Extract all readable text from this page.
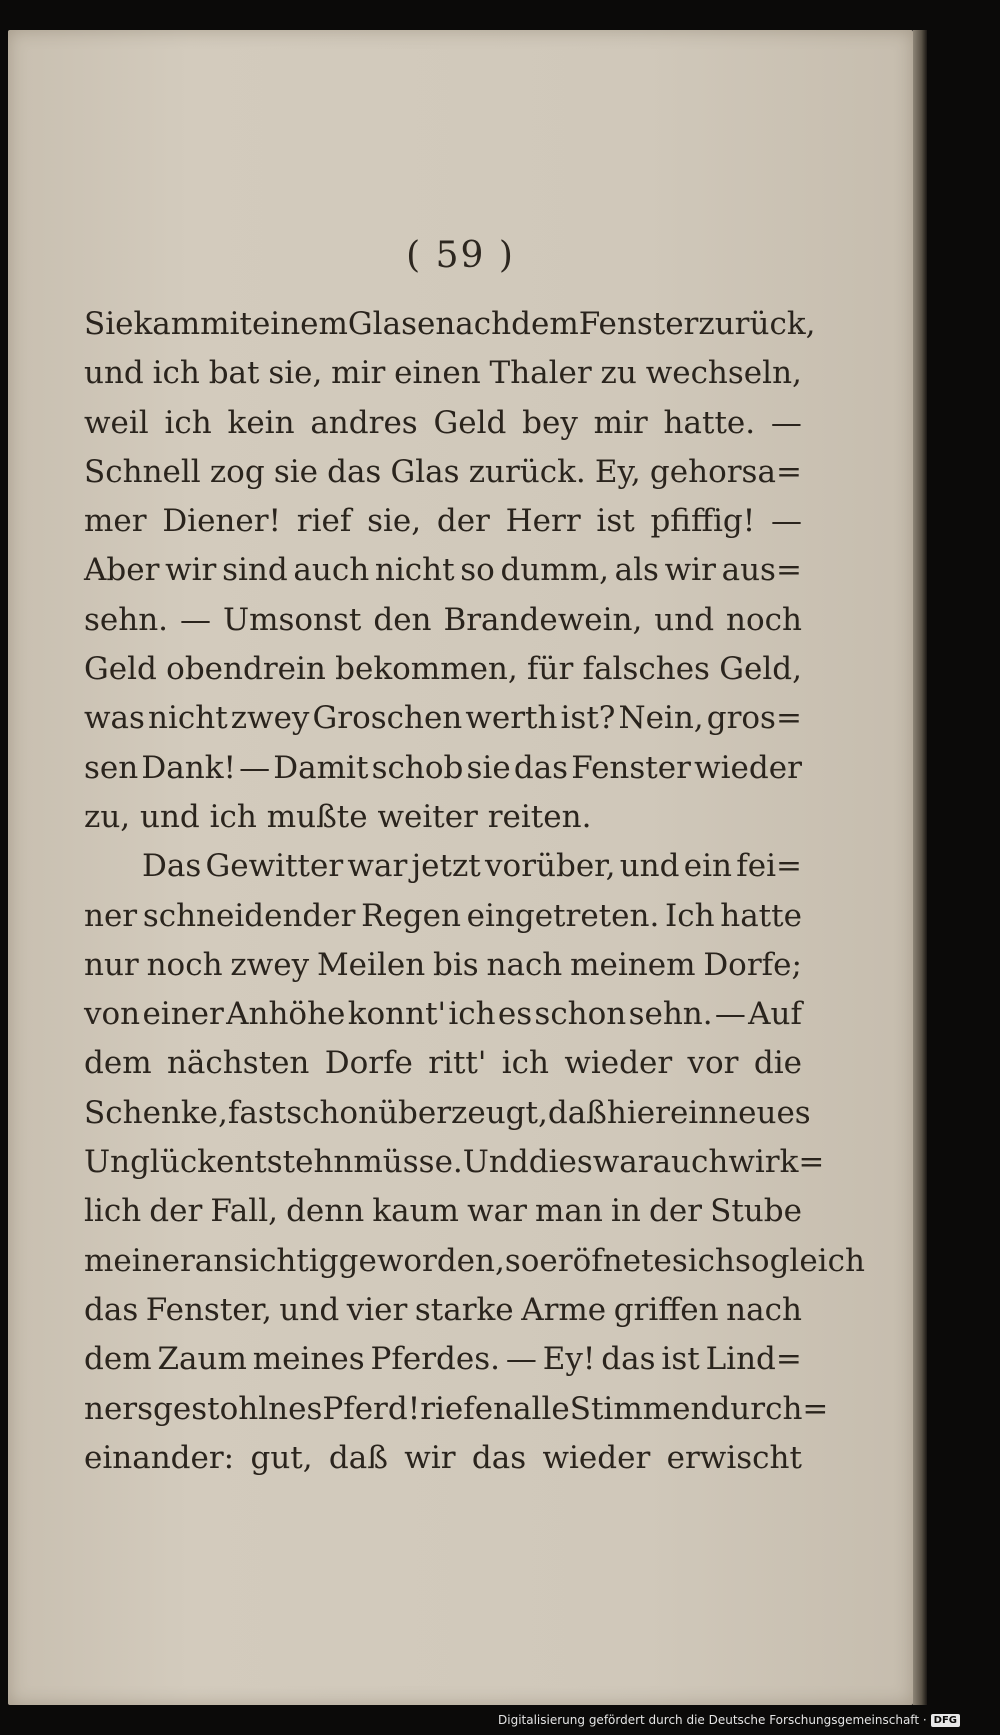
( 59 )
Sie kam mit einem Glase nach dem Fenster zurück,
und ich bat sie, mir einen Thaler zu wechseln,
weil ich kein andres Geld bey mir hatte. —
Schnell zog sie das Glas zurück. Ey, gehorsa=
mer Diener! rief sie, der Herr ist pfiffig! —
Aber wir sind auch nicht so dumm, als wir aus=
sehn. — Umsonst den Brandewein, und noch
Geld obendrein bekommen, für falsches Geld,
was nicht zwey Groschen werth ist? Nein, gros=
sen Dank! — Damit schob sie das Fenster wieder
zu, und ich mußte weiter reiten.
Das Gewitter war jetzt vorüber, und ein fei=
ner schneidender Regen eingetreten. Ich hatte
nur noch zwey Meilen bis nach meinem Dorfe;
von einer Anhöhe konnt' ich es schon sehn. — Auf
dem nächsten Dorfe ritt' ich wieder vor die
Schenke, fast schon überzeugt, daß hier ein neues
Unglück entstehn müsse. Und dies war auch wirk=
lich der Fall, denn kaum war man in der Stube
meiner ansichtig geworden, so eröfnete sich sogleich
das Fenster, und vier starke Arme griffen nach
dem Zaum meines Pferdes. — Ey! das ist Lind=
ners gestohlnes Pferd! riefen alle Stimmen durch=
einander: gut, daß wir das wieder erwischt
Digitalisierung gefördert durch die Deutsche Forschungsgemeinschaft · DFG
